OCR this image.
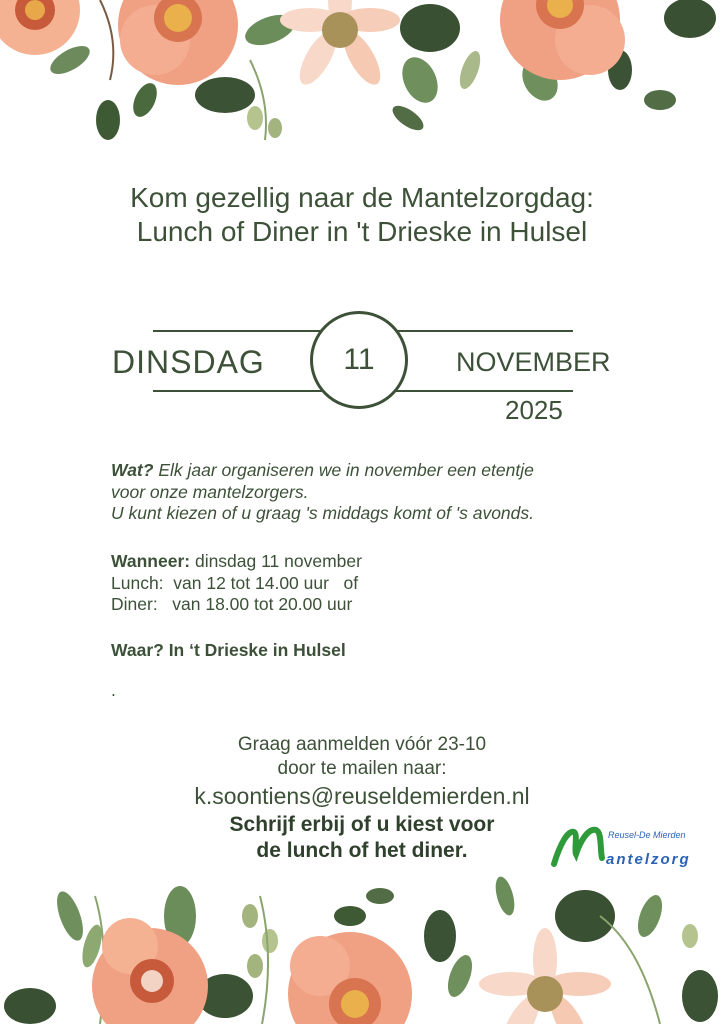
Kom gezellig naar de Mantelzorgdag:
Lunch of Diner in 't Drieske in Hulsel
DINSDAG	11	NOVEMBER
2025
Wat? Elk jaar organiseren we in november een etentje
voor onze mantelzorgers.
U kunt kiezen of u graag 's middags komt of 's avonds.
Wanneer: dinsdag 11 november
Lunch:  van 12 tot 14.00 uur   of
Diner:   van 18.00 tot 20.00 uur
Waar? In ‘t Drieske in Hulsel
.
Graag aanmelden vóór 23-10
door te mailen naar:
k.soontiens@reuseldemierden.nl
Schrijf erbij of u kiest voor
de lunch of het diner.
Reusel-De Mierden
antelzorg
